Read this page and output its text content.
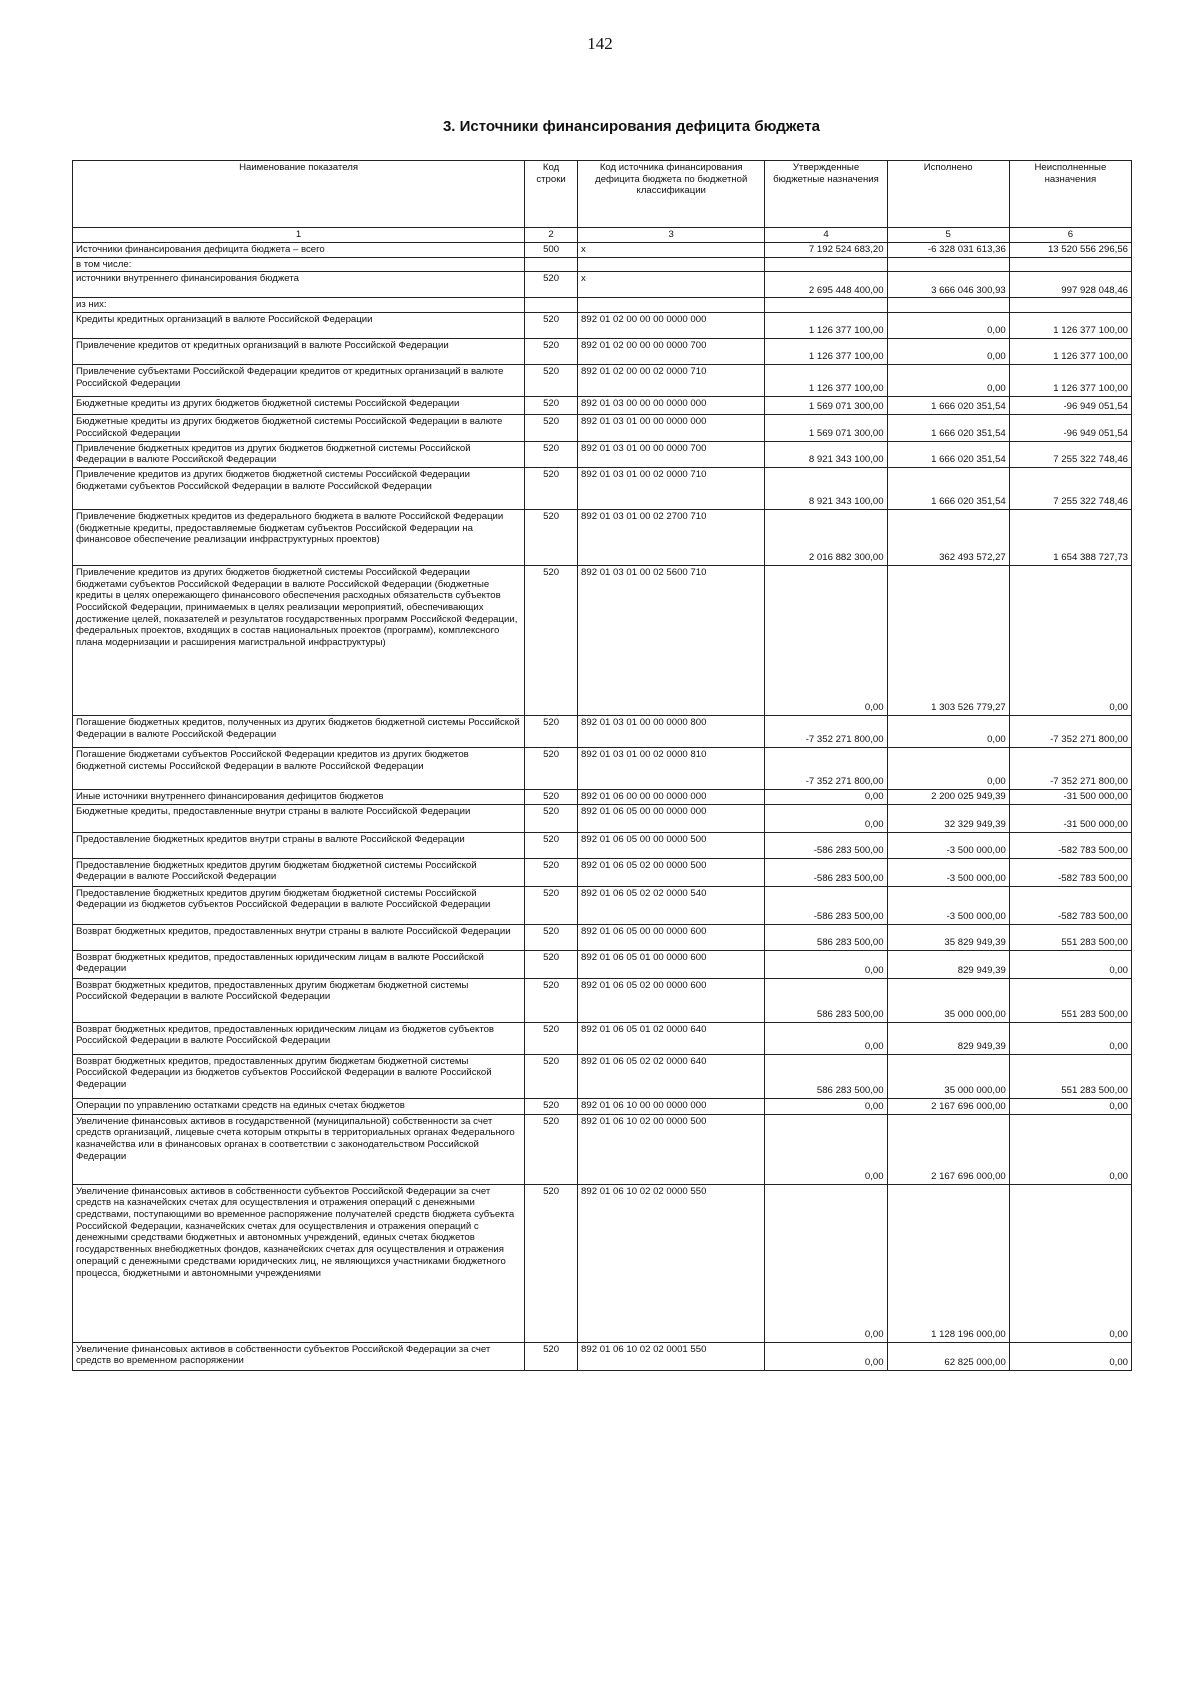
142
3. Источники финансирования дефицита бюджета
Наименование показателя	Код строки	Код источника финансирования дефицита бюджета по бюджетной классификации	Утвержденные бюджетные назначения	Исполнено	Неисполненные назначения
1	2	3	4	5	6
Источники финансирования дефицита бюджета – всего	500	x	7 192 524 683,20	-6 328 031 613,36	13 520 556 296,56
в том числе:					
источники внутреннего финансирования бюджета	520	x	2 695 448 400,00	3 666 046 300,93	997 928 048,46
из них:					
Кредиты кредитных организаций в валюте Российской Федерации	520	892 01 02 00 00 00 0000 000	1 126 377 100,00	0,00	1 126 377 100,00
Привлечение кредитов от кредитных организаций в валюте Российской Федерации	520	892 01 02 00 00 00 0000 700	1 126 377 100,00	0,00	1 126 377 100,00
Привлечение субъектами Российской Федерации кредитов от кредитных организаций в валюте Российской Федерации	520	892 01 02 00 00 02 0000 710	1 126 377 100,00	0,00	1 126 377 100,00
Бюджетные кредиты из других бюджетов бюджетной системы Российской Федерации	520	892 01 03 00 00 00 0000 000	1 569 071 300,00	1 666 020 351,54	-96 949 051,54
Бюджетные кредиты из других бюджетов бюджетной системы Российской Федерации в валюте Российской Федерации	520	892 01 03 01 00 00 0000 000	1 569 071 300,00	1 666 020 351,54	-96 949 051,54
Привлечение бюджетных кредитов из других бюджетов бюджетной системы Российской Федерации в валюте Российской Федерации	520	892 01 03 01 00 00 0000 700	8 921 343 100,00	1 666 020 351,54	7 255 322 748,46
Привлечение кредитов из других бюджетов бюджетной системы Российской Федерации бюджетами субъектов Российской Федерации в валюте Российской Федерации	520	892 01 03 01 00 02 0000 710	8 921 343 100,00	1 666 020 351,54	7 255 322 748,46
Привлечение бюджетных кредитов из федерального бюджета в валюте Российской Федерации (бюджетные кредиты, предоставляемые бюджетам субъектов Российской Федерации на финансовое обеспечение реализации инфраструктурных проектов)	520	892 01 03 01 00 02 2700 710	2 016 882 300,00	362 493 572,27	1 654 388 727,73
Привлечение кредитов из других бюджетов бюджетной системы Российской Федерации бюджетами субъектов Российской Федерации в валюте Российской Федерации (бюджетные кредиты в целях опережающего финансового обеспечения расходных обязательств субъектов Российской Федерации, принимаемых в целях реализации мероприятий, обеспечивающих достижение целей, показателей и результатов государственных программ Российской Федерации, федеральных проектов, входящих в состав национальных проектов (программ), комплексного плана модернизации и расширения магистральной инфраструктуры)	520	892 01 03 01 00 02 5600 710	0,00	1 303 526 779,27	0,00
Погашение бюджетных кредитов, полученных из других бюджетов бюджетной системы Российской Федерации в валюте Российской Федерации	520	892 01 03 01 00 00 0000 800	-7 352 271 800,00	0,00	-7 352 271 800,00
Погашение бюджетами субъектов Российской Федерации кредитов из других бюджетов бюджетной системы Российской Федерации в валюте Российской Федерации	520	892 01 03 01 00 02 0000 810	-7 352 271 800,00	0,00	-7 352 271 800,00
Иные источники внутреннего финансирования дефицитов бюджетов	520	892 01 06 00 00 00 0000 000	0,00	2 200 025 949,39	-31 500 000,00
Бюджетные кредиты, предоставленные внутри страны в валюте Российской Федерации	520	892 01 06 05 00 00 0000 000	0,00	32 329 949,39	-31 500 000,00
Предоставление бюджетных кредитов внутри страны в валюте Российской Федерации	520	892 01 06 05 00 00 0000 500	-586 283 500,00	-3 500 000,00	-582 783 500,00
Предоставление бюджетных кредитов другим бюджетам бюджетной системы Российской Федерации в валюте Российской Федерации	520	892 01 06 05 02 00 0000 500	-586 283 500,00	-3 500 000,00	-582 783 500,00
Предоставление бюджетных кредитов другим бюджетам бюджетной системы Российской Федерации из бюджетов субъектов Российской Федерации в валюте Российской Федерации	520	892 01 06 05 02 02 0000 540	-586 283 500,00	-3 500 000,00	-582 783 500,00
Возврат бюджетных кредитов, предоставленных внутри страны в валюте Российской Федерации	520	892 01 06 05 00 00 0000 600	586 283 500,00	35 829 949,39	551 283 500,00
Возврат бюджетных кредитов, предоставленных юридическим лицам в валюте Российской Федерации	520	892 01 06 05 01 00 0000 600	0,00	829 949,39	0,00
Возврат бюджетных кредитов, предоставленных другим бюджетам бюджетной системы Российской Федерации в валюте Российской Федерации	520	892 01 06 05 02 00 0000 600	586 283 500,00	35 000 000,00	551 283 500,00
Возврат бюджетных кредитов, предоставленных юридическим лицам из бюджетов субъектов Российской Федерации в валюте Российской Федерации	520	892 01 06 05 01 02 0000 640	0,00	829 949,39	0,00
Возврат бюджетных кредитов, предоставленных другим бюджетам бюджетной системы Российской Федерации из бюджетов субъектов Российской Федерации в валюте Российской Федерации	520	892 01 06 05 02 02 0000 640	586 283 500,00	35 000 000,00	551 283 500,00
Операции по управлению остатками средств на единых счетах бюджетов	520	892 01 06 10 00 00 0000 000	0,00	2 167 696 000,00	0,00
Увеличение финансовых активов в государственной (муниципальной) собственности за счет средств организаций, лицевые счета которым открыты в территориальных органах Федерального казначейства или в финансовых органах в соответствии с законодательством Российской Федерации	520	892 01 06 10 02 00 0000 500	0,00	2 167 696 000,00	0,00
Увеличение финансовых активов в собственности субъектов Российской Федерации за счет средств на казначейских счетах для осуществления и отражения операций с денежными средствами, поступающими во временное распоряжение получателей средств бюджета субъекта Российской Федерации, казначейских счетах для осуществления и отражения операций с денежными средствами бюджетных и автономных учреждений, единых счетах бюджетов государственных внебюджетных фондов, казначейских счетах для осуществления и отражения операций с денежными средствами юридических лиц, не являющихся участниками бюджетного процесса, бюджетными и автономными учреждениями	520	892 01 06 10 02 02 0000 550	0,00	1 128 196 000,00	0,00
Увеличение финансовых активов в собственности субъектов Российской Федерации за счет средств во временном распоряжении	520	892 01 06 10 02 02 0001 550	0,00	62 825 000,00	0,00
